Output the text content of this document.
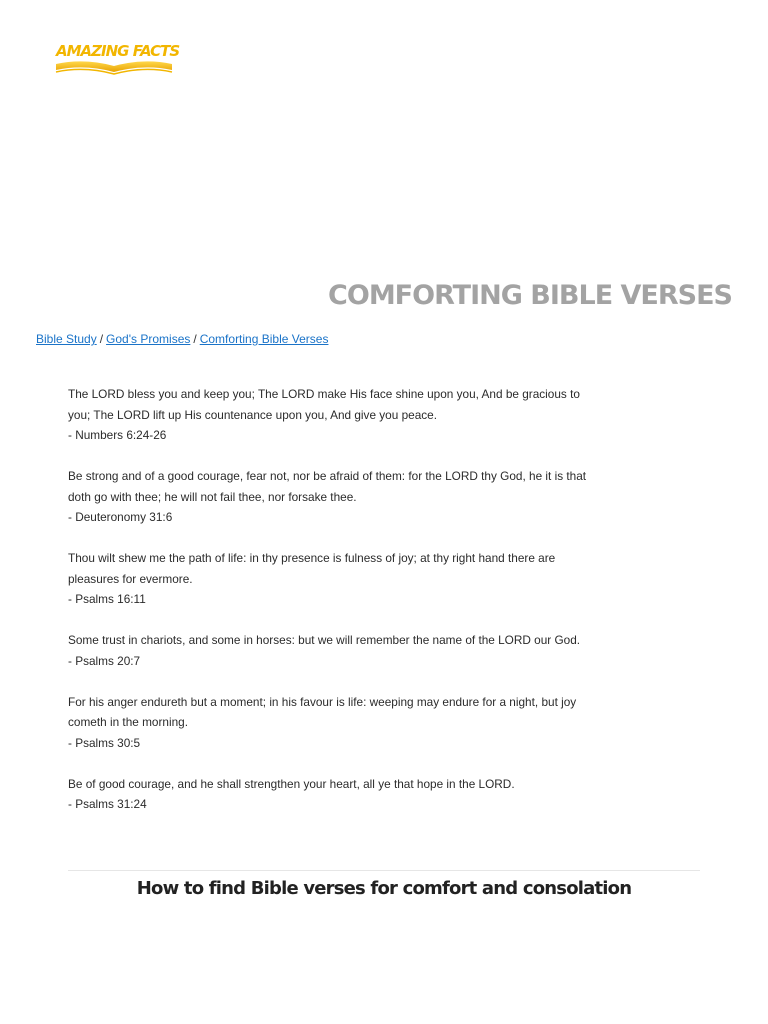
AMAZING FACTS
COMFORTING BIBLE VERSES
Bible Study / God's Promises / Comforting Bible Verses

The LORD bless you and keep you; The LORD make His face shine upon you, And be gracious to you; The LORD lift up His countenance upon you, And give you peace.
- Numbers 6:24-26

Be strong and of a good courage, fear not, nor be afraid of them: for the LORD thy God, he it is that doth go with thee; he will not fail thee, nor forsake thee.
- Deuteronomy 31:6

Thou wilt shew me the path of life: in thy presence is fulness of joy; at thy right hand there are pleasures for evermore.
- Psalms 16:11

Some trust in chariots, and some in horses: but we will remember the name of the LORD our God.
- Psalms 20:7

For his anger endureth but a moment; in his favour is life: weeping may endure for a night, but joy cometh in the morning.
- Psalms 30:5

Be of good courage, and he shall strengthen your heart, all ye that hope in the LORD.
- Psalms 31:24

How to find Bible verses for comfort and consolation
